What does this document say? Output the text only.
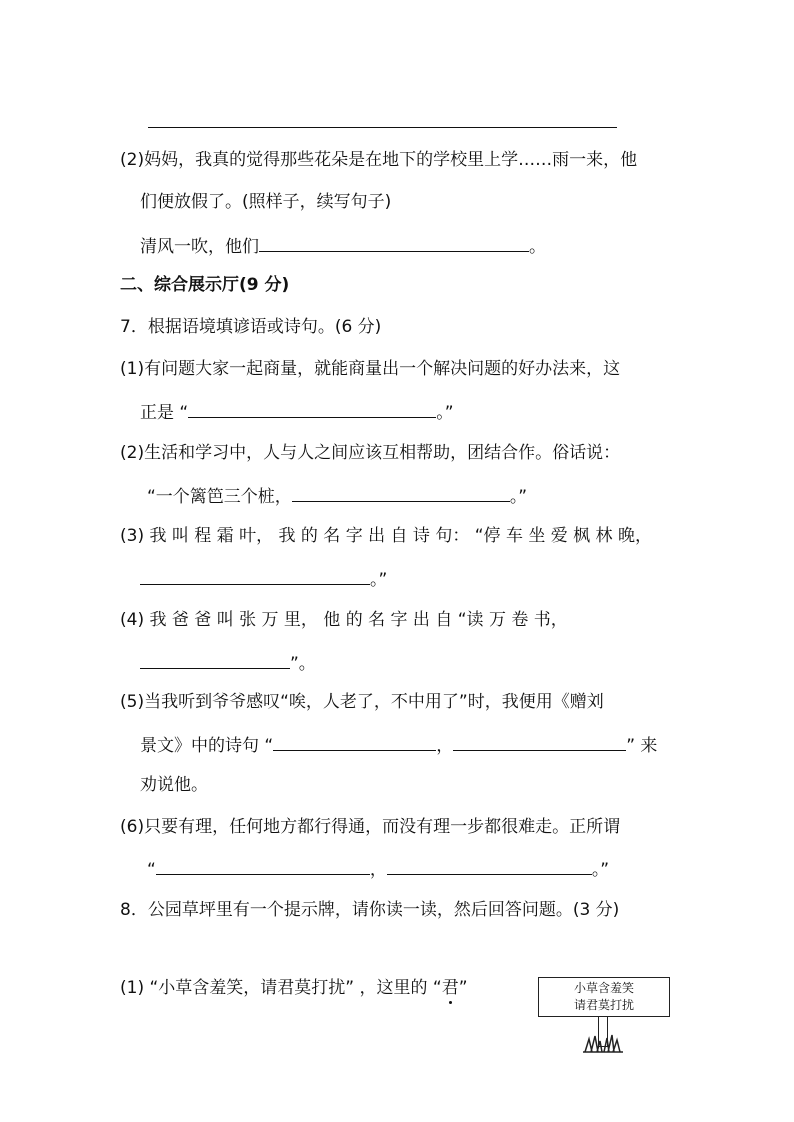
(2)妈妈，我真的觉得那些花朵是在地下的学校里上学……雨一来，他
们便放假了。(照样子，续写句子)
清风一吹，他们	。
二、综合展示厅(9 分)
7．根据语境填谚语或诗句。(6 分)
(1)有问题大家一起商量，就能商量出一个解决问题的好办法来，这
正是 “	。”
(2)生活和学习中，人与人之间应该互相帮助，团结合作。俗话说：
“一个篱笆三个桩，	。”
(3) 我 叫 程 霜 叶， 我 的 名 字 出 自 诗 句： “停 车 坐 爱 枫 林 晚，
。”
(4) 我 爸 爸 叫 张 万 里， 他 的 名 字 出 自 “读 万 卷 书，
”。
(5)当我听到爷爷感叹“唉，人老了，不中用了”时，我便用《赠刘
景文》中的诗句 “	，	” 来
劝说他。
(6)只要有理，任何地方都行得通，而没有理一步都很难走。正所谓
“	，	。”
8．公园草坪里有一个提示牌，请你读一读，然后回答问题。(3 分)
(1) “小草含羞笑，请君莫打扰” ，这里的 “君”	小草含羞笑
请君莫打扰
